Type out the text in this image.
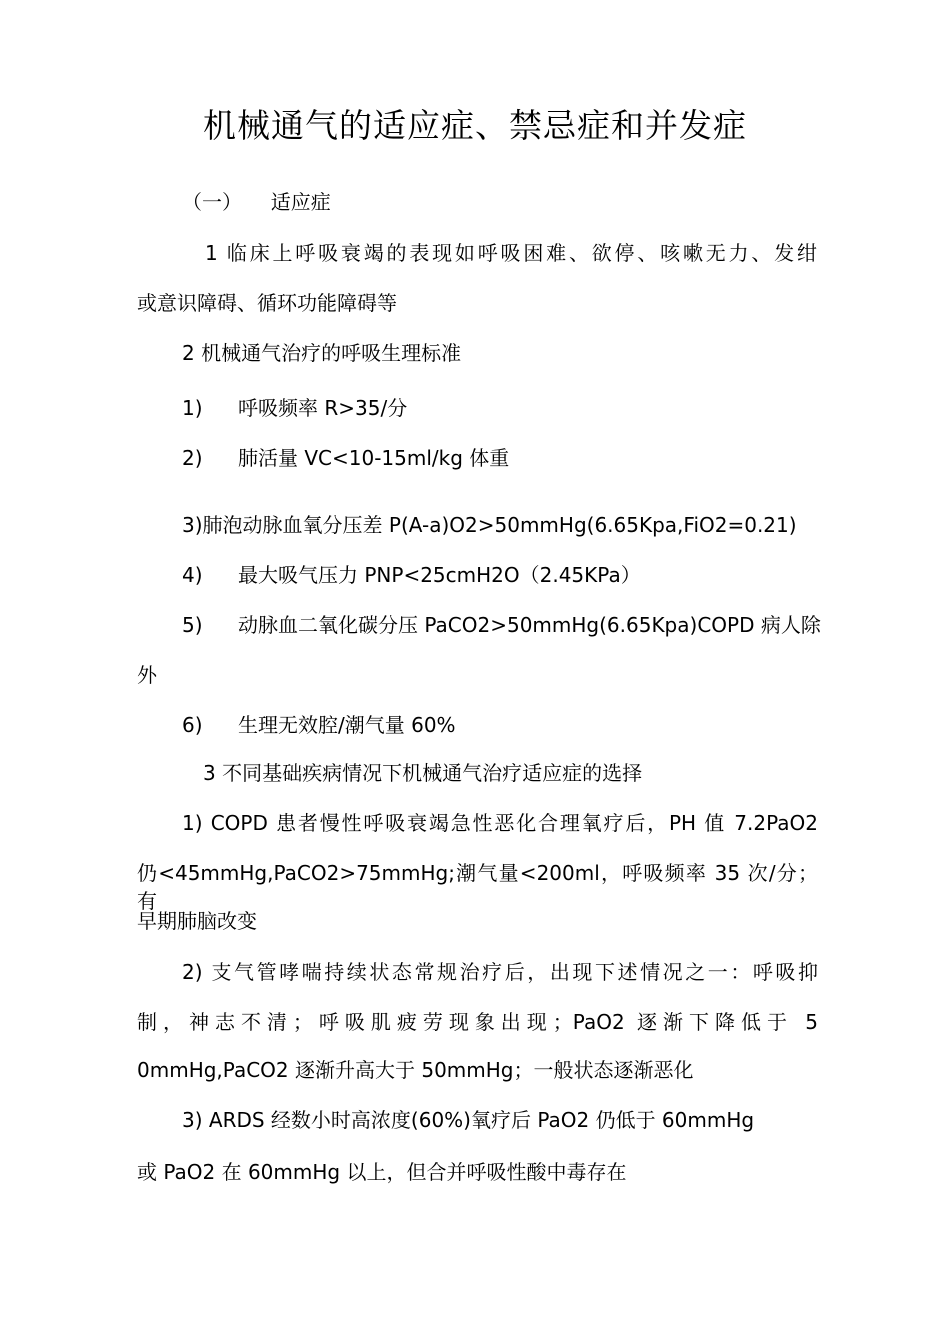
机械通气的适应症、禁忌症和并发症
（一） 适应症
1 临床上呼吸衰竭的表现如呼吸困难、欲停、咳嗽无力、发绀
或意识障碍、循环功能障碍等
2 机械通气治疗的呼吸生理标准
1) 呼吸频率 R>35/分
2) 肺活量 VC<10-15ml/kg 体重
3)肺泡动脉血氧分压差 P(A-a)O2>50mmHg(6.65Kpa,FiO2=0.21)
4) 最大吸气压力 PNP<25cmH2O（2.45KPa）
5)	动脉血二氧化碳分压 PaCO2>50mmHg(6.65Kpa)COPD 病人除
外
6) 生理无效腔/潮气量 60%
3 不同基础疾病情况下机械通气治疗适应症的选择
1) COPD 患者慢性呼吸衰竭急性恶化合理氧疗后，PH 值 7.2PaO2
仍<45mmHg,PaCO2>75mmHg;潮气量<200ml，呼吸频率 35 次/分；有
早期肺脑改变
2) 支气管哮喘持续状态常规治疗后，出现下述情况之一：呼吸抑
制，神志不清；呼吸肌疲劳现象出现；PaO2 逐渐下降低于 5
0mmHg,PaCO2 逐渐升高大于 50mmHg；一般状态逐渐恶化
3) ARDS 经数小时高浓度(60%)氧疗后 PaO2 仍低于 60mmHg
或 PaO2 在 60mmHg 以上，但合并呼吸性酸中毒存在
